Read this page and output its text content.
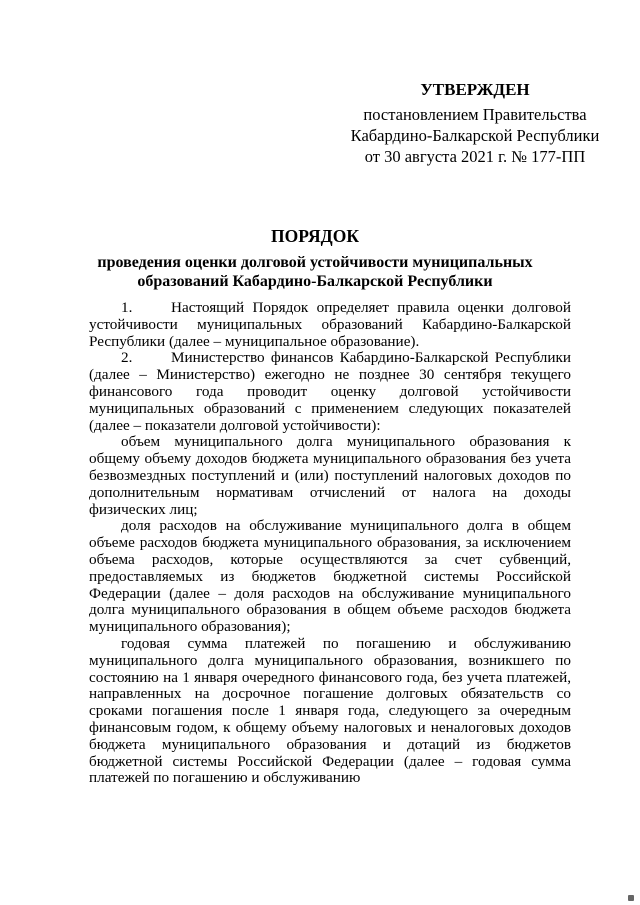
УТВЕРЖДЕН
постановлением Правительства
Кабардино-Балкарской Республики
от 30 августа 2021 г. № 177-ПП
ПОРЯДОК
проведения оценки долговой устойчивости муниципальных
образований Кабардино-Балкарской Республики

1.	Настоящий Порядок определяет правила оценки долговой устойчивости муниципальных образований Кабардино-Балкарской Республики (далее – муниципальное образование).

2.	Министерство финансов Кабардино-Балкарской Республики (далее – Министерство) ежегодно не позднее 30 сентября текущего финансового года проводит оценку долговой устойчивости муниципальных образований с применением следующих показателей (далее – показатели долговой устойчивости):

объем муниципального долга муниципального образования к общему объему доходов бюджета муниципального образования без учета безвозмездных поступлений и (или) поступлений налоговых доходов по дополнительным нормативам отчислений от налога на доходы физических лиц;

доля расходов на обслуживание муниципального долга в общем объеме расходов бюджета муниципального образования, за исключением объема расходов, которые осуществляются за счет субвенций, предоставляемых из бюджетов бюджетной системы Российской Федерации (далее – доля расходов на обслуживание муниципального долга муниципального образования в общем объеме расходов бюджета муниципального образования);

годовая сумма платежей по погашению и обслуживанию муниципального долга муниципального образования, возникшего по состоянию на 1 января очередного финансового года, без учета платежей, направленных на досрочное погашение долговых обязательств со сроками погашения после 1 января года, следующего за очередным финансовым годом, к общему объему налоговых и неналоговых доходов бюджета муниципального образования и дотаций из бюджетов бюджетной системы Российской Федерации (далее – годовая сумма платежей по погашению и обслуживанию
